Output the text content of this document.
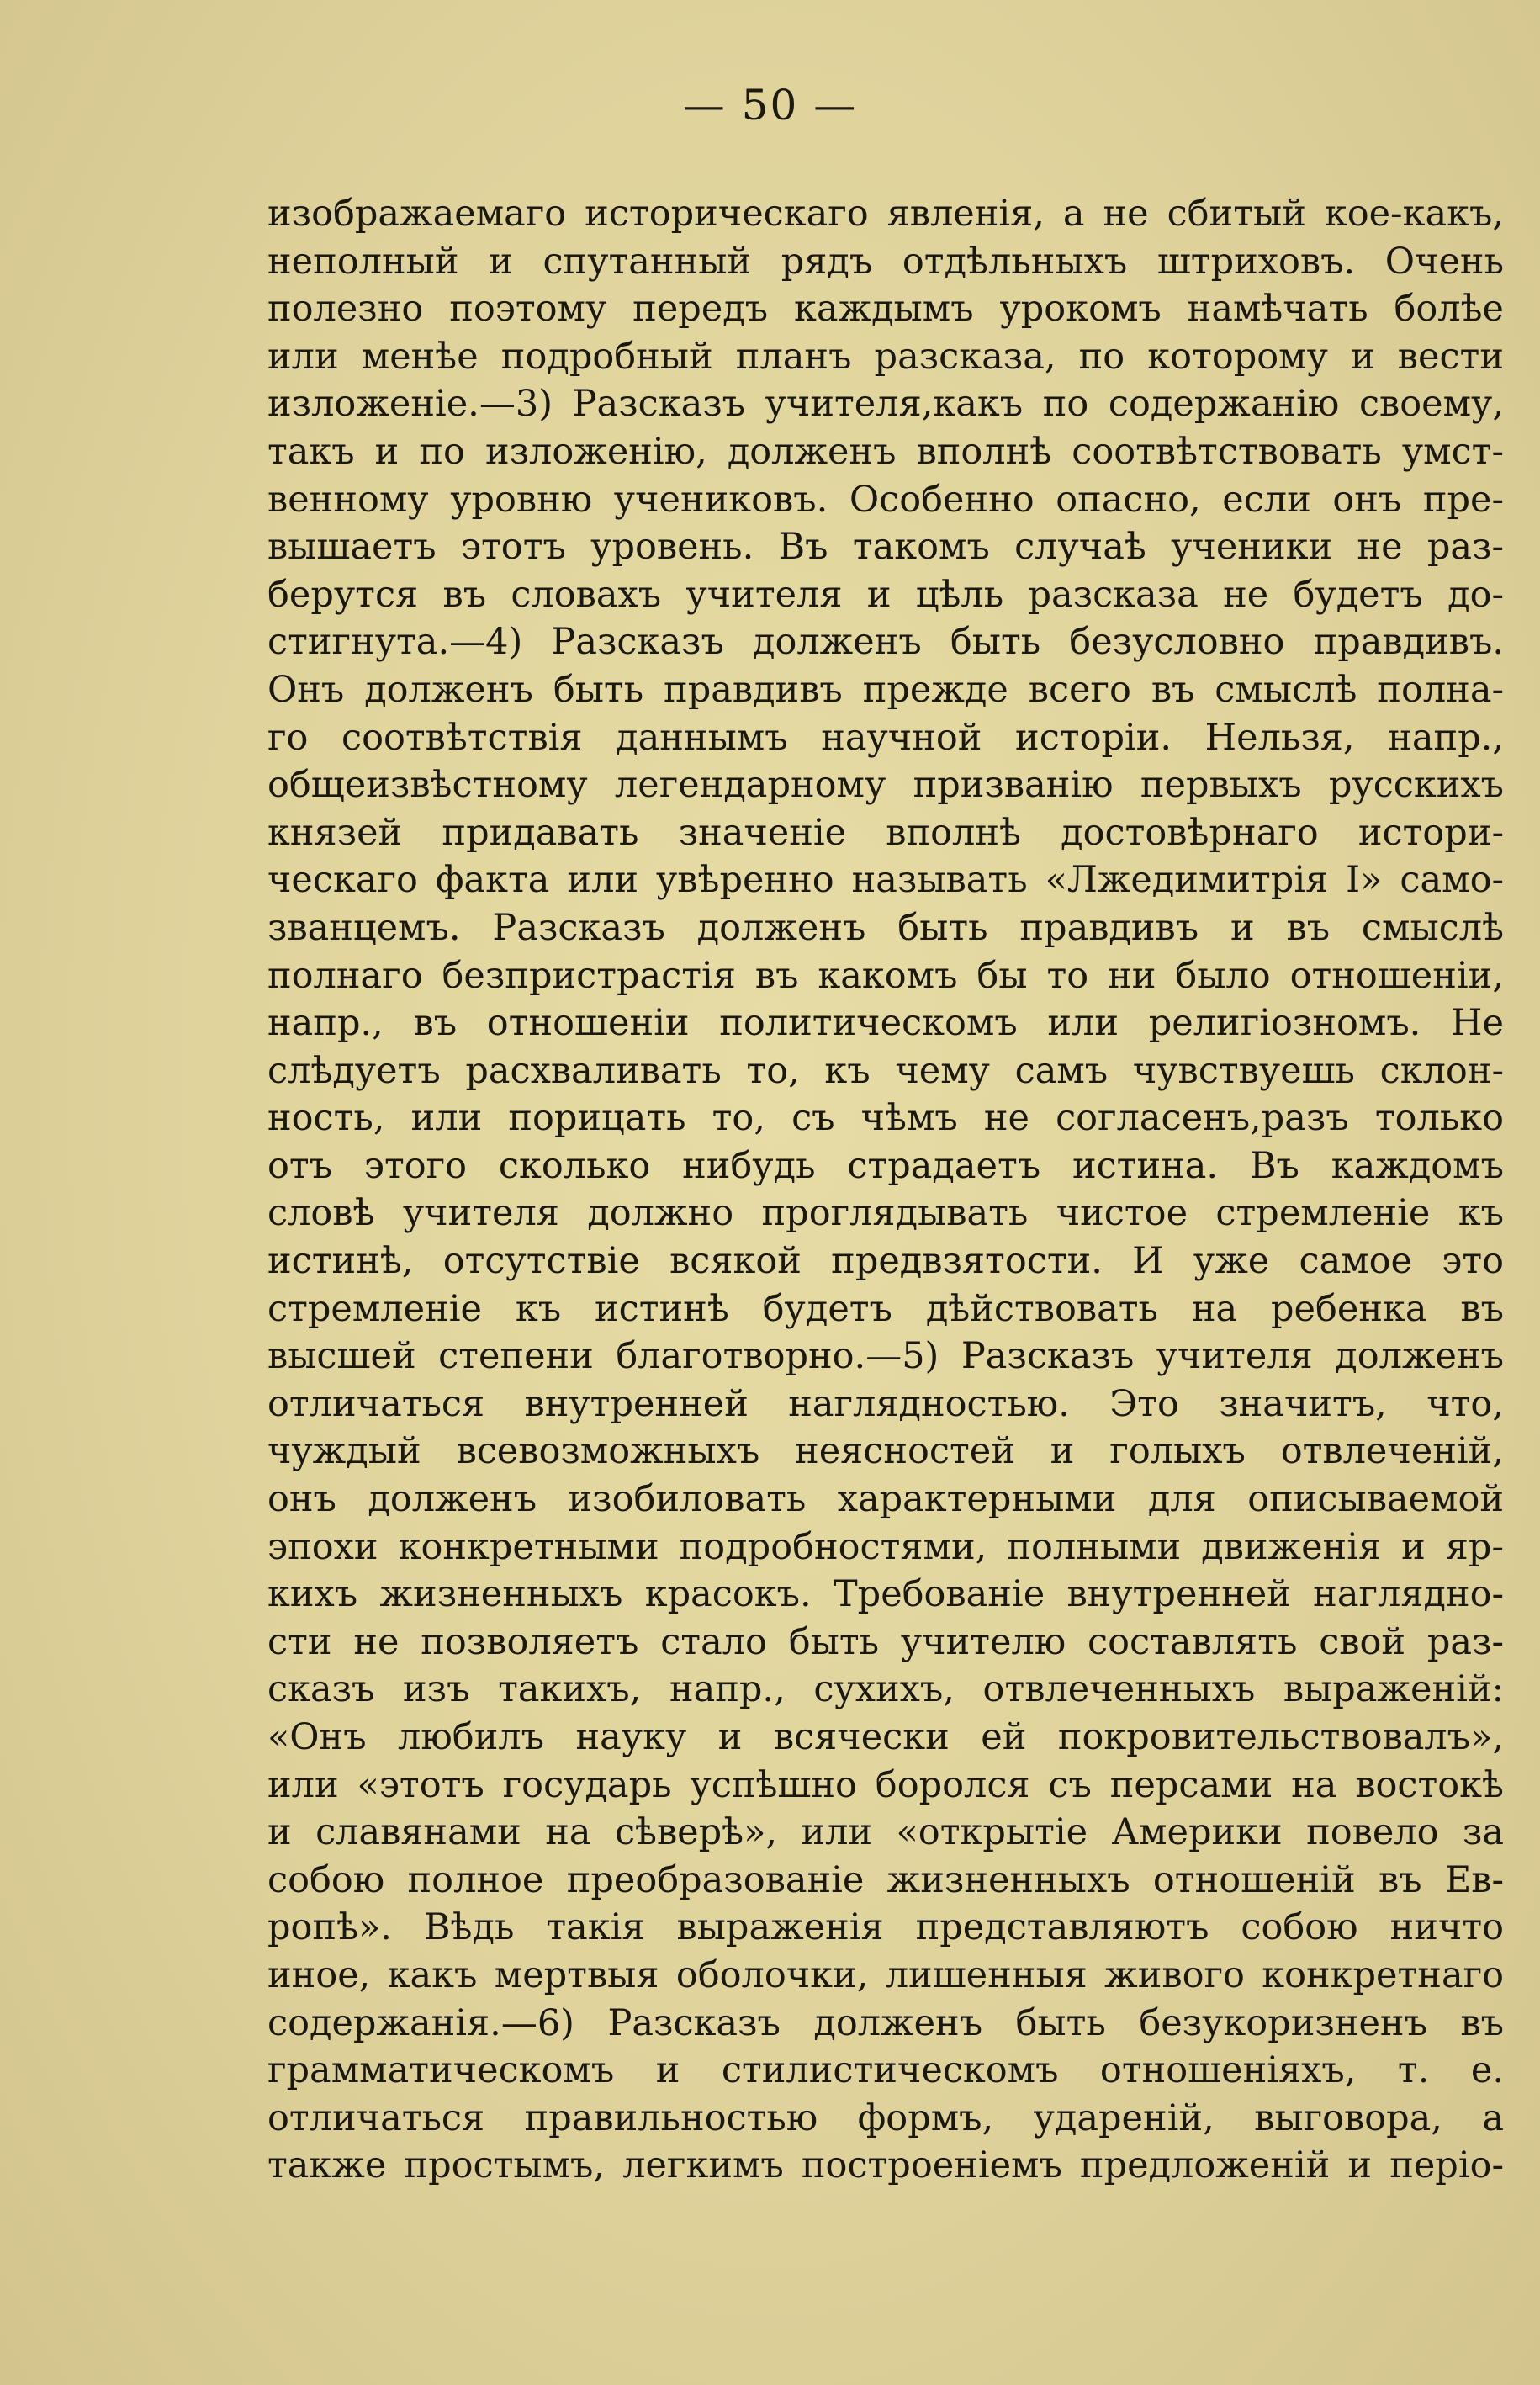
— 50 —
изображаемаго историческаго явленія, а не сбитый кое-какъ,
неполный и спутанный рядъ отдѣльныхъ штриховъ. Очень
полезно поэтому передъ каждымъ урокомъ намѣчать болѣе
или менѣе подробный планъ разсказа, по которому и вести
изложеніе.—3) Разсказъ учителя,какъ по содержанію своему,
такъ и по изложенію, долженъ вполнѣ соотвѣтствовать умст-
венному уровню учениковъ. Особенно опасно, если онъ пре-
вышаетъ этотъ уровень. Въ такомъ случаѣ ученики не раз-
берутся въ словахъ учителя и цѣль разсказа не будетъ до-
стигнута.—4) Разсказъ долженъ быть безусловно правдивъ.
Онъ долженъ быть правдивъ прежде всего въ смыслѣ полна-
го соотвѣтствія даннымъ научной исторіи. Нельзя, напр.,
общеизвѣстному легендарному призванію первыхъ русскихъ
князей придавать значеніе вполнѣ достовѣрнаго истори-
ческаго факта или увѣренно называть «Лжедимитрія І» само-
званцемъ. Разсказъ долженъ быть правдивъ и въ смыслѣ
полнаго безпристрастія въ какомъ бы то ни было отношеніи,
напр., въ отношеніи политическомъ или религіозномъ. Не
слѣдуетъ расхваливать то, къ чему самъ чувствуешь склон-
ность, или порицать то, съ чѣмъ не согласенъ,разъ только
отъ этого сколько нибудь страдаетъ истина. Въ каждомъ
словѣ учителя должно проглядывать чистое стремленіе къ
истинѣ, отсутствіе всякой предвзятости. И уже самое это
стремленіе къ истинѣ будетъ дѣйствовать на ребенка въ
высшей степени благотворно.—5) Разсказъ учителя долженъ
отличаться внутренней наглядностью. Это значитъ, что,
чуждый всевозможныхъ неясностей и голыхъ отвлеченій,
онъ долженъ изобиловать характерными для описываемой
эпохи конкретными подробностями, полными движенія и яр-
кихъ жизненныхъ красокъ. Требованіе внутренней наглядно-
сти не позволяетъ стало быть учителю составлять свой раз-
сказъ изъ такихъ, напр., сухихъ, отвлеченныхъ выраженій:
«Онъ любилъ науку и всячески ей покровительствовалъ»,
или «этотъ государь успѣшно боролся съ персами на востокѣ
и славянами на сѣверѣ», или «открытіе Америки повело за
собою полное преобразованіе жизненныхъ отношеній въ Ев-
ропѣ». Вѣдь такія выраженія представляютъ собою ничто
иное, какъ мертвыя оболочки, лишенныя живого конкретнаго
содержанія.—6) Разсказъ долженъ быть безукоризненъ въ
грамматическомъ и стилистическомъ отношеніяхъ, т. е.
отличаться правильностью формъ, удареній, выговора, а
также простымъ, легкимъ построеніемъ предложеній и періо-
